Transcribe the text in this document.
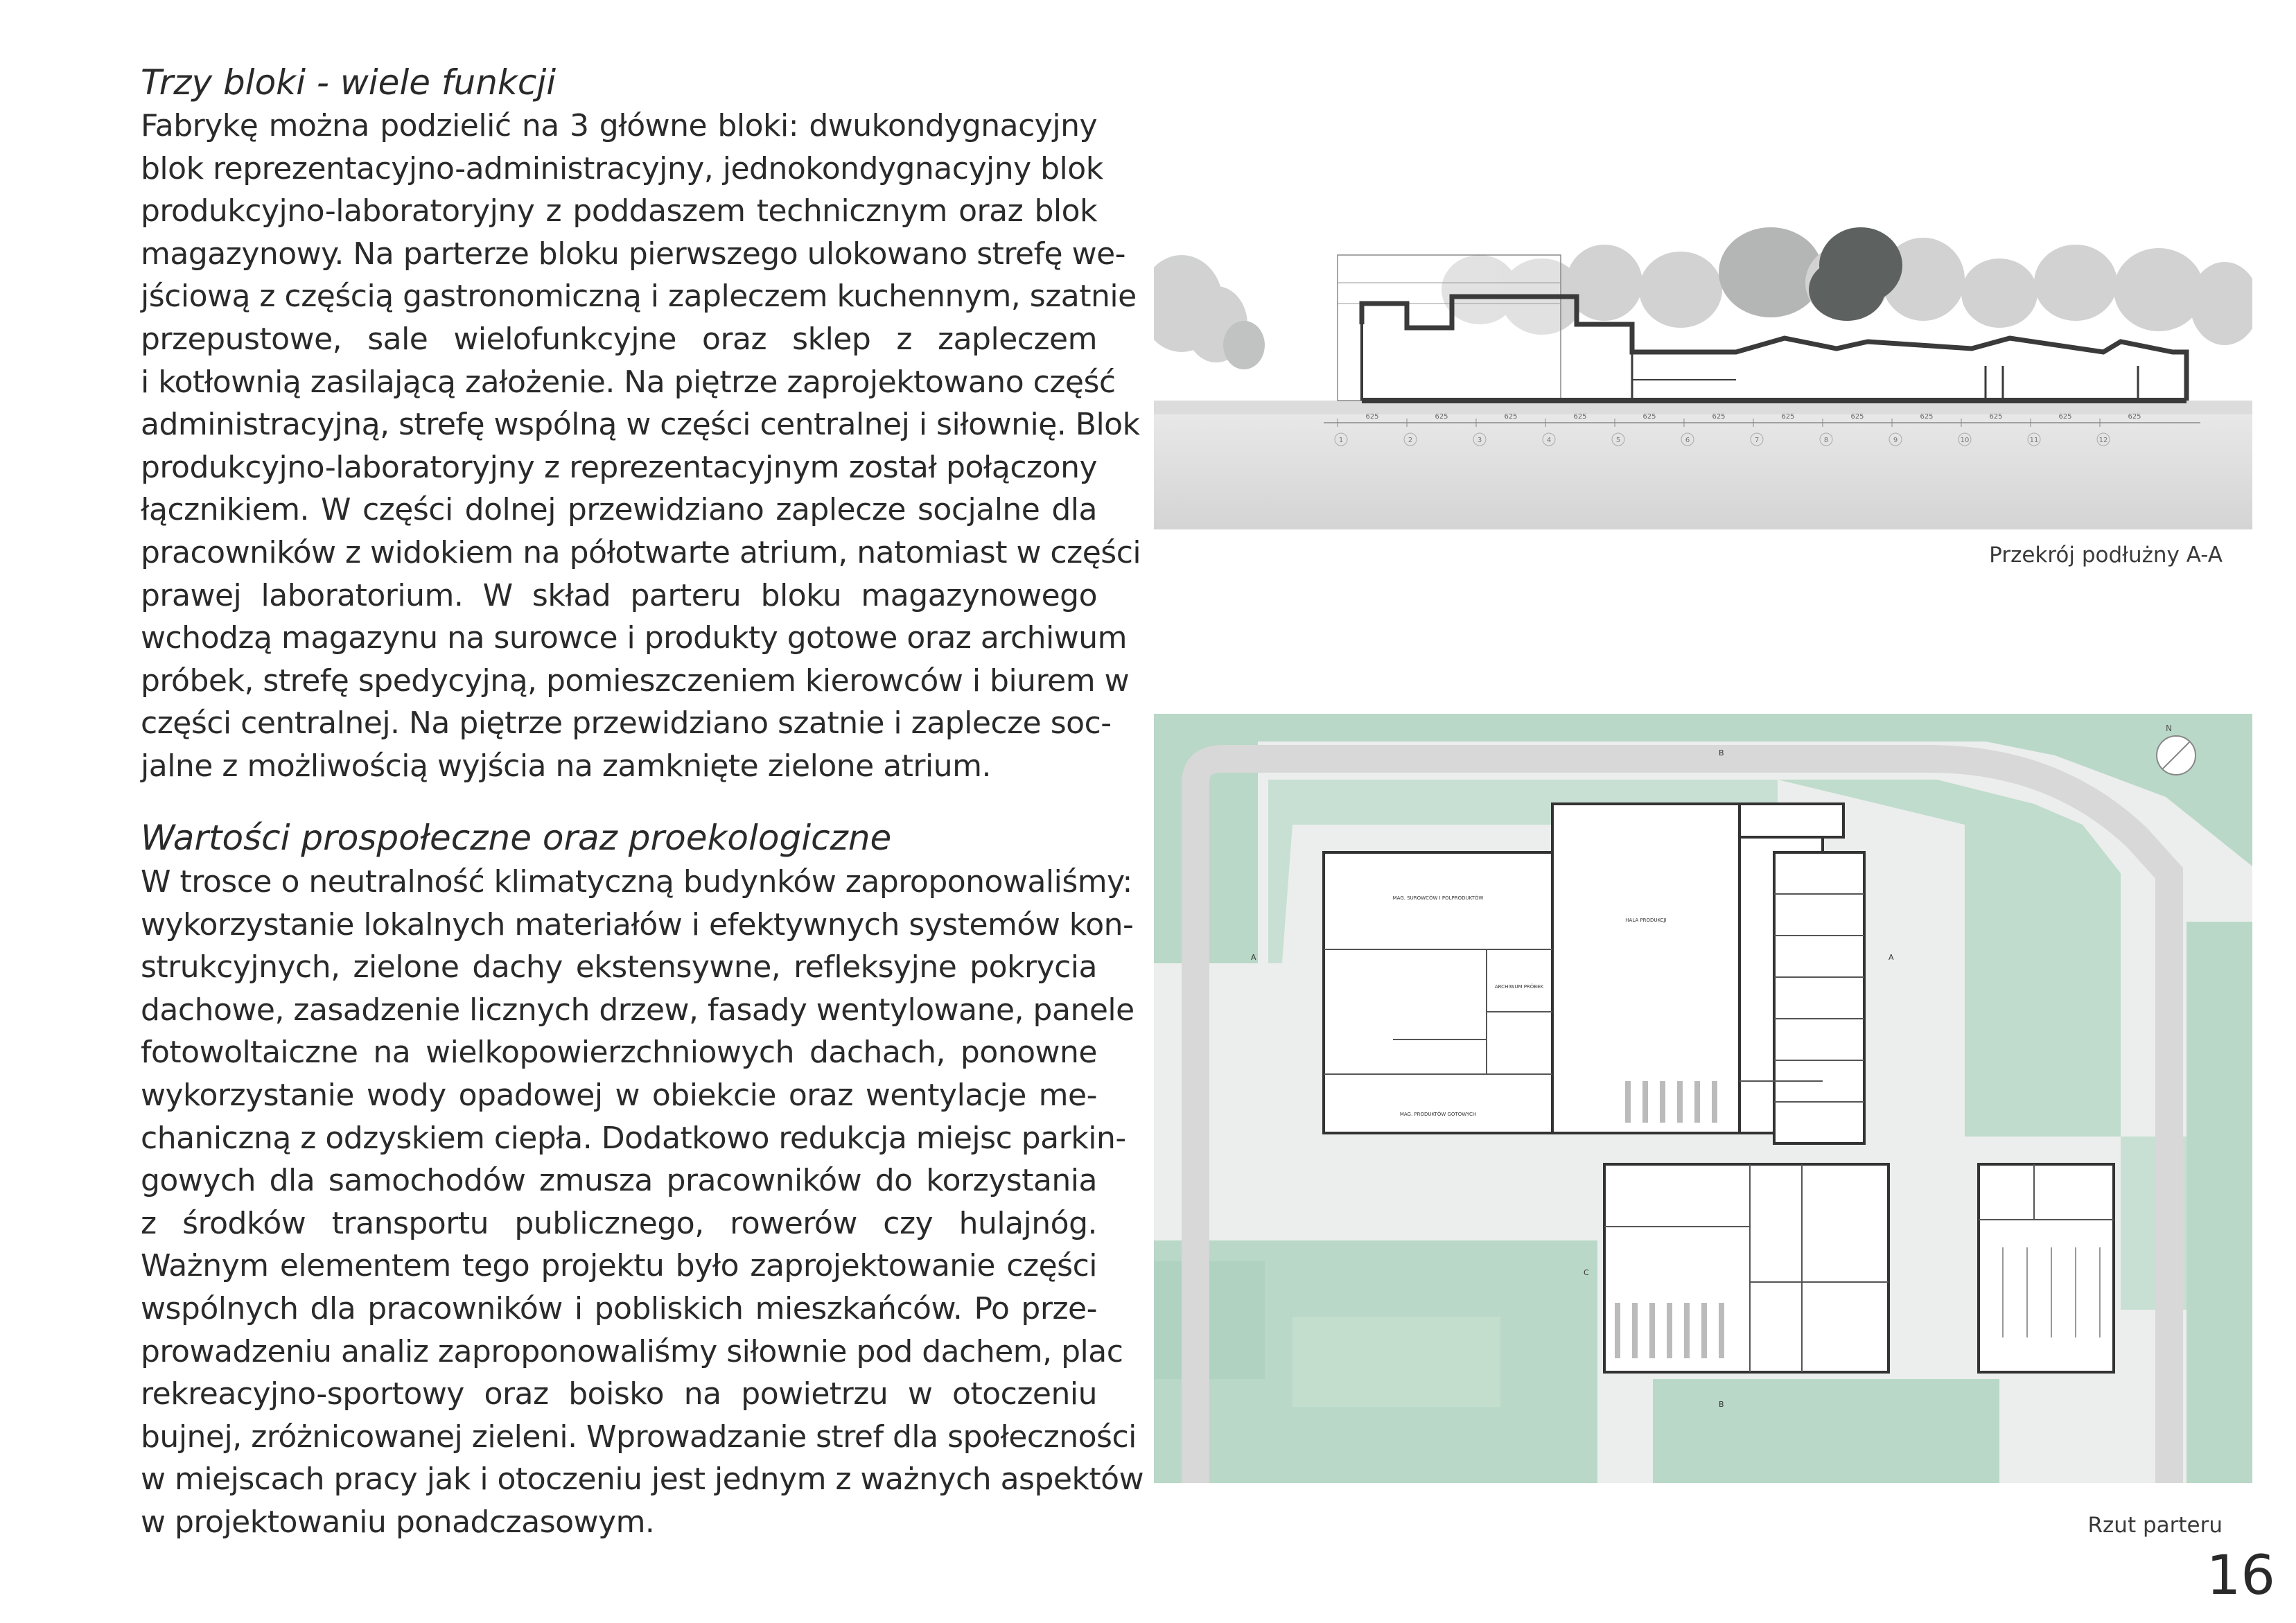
Trzy bloki - wiele funkcji
Fabrykę można podzielić na 3 główne bloki: dwukondygnacyjny
blok reprezentacyjno-administracyjny, jednokondygnacyjny blok
produkcyjno-laboratoryjny z poddaszem technicznym oraz blok
magazynowy. Na parterze bloku pierwszego ulokowano strefę we-
jściową z częścią gastronomiczną i zapleczem kuchennym, szatnie
przepustowe, sale wielofunkcyjne oraz sklep z zapleczem
i kotłownią zasilającą założenie. Na piętrze zaprojektowano część
administracyjną, strefę wspólną w części centralnej i siłownię. Blok
produkcyjno-laboratoryjny z reprezentacyjnym został połączony
łącznikiem. W części dolnej przewidziano zaplecze socjalne dla
pracowników z widokiem na półotwarte atrium, natomiast w części
prawej laboratorium. W skład parteru bloku magazynowego
wchodzą magazynu na surowce i produkty gotowe oraz archiwum
próbek, strefę spedycyjną, pomieszczeniem kierowców i biurem w
części centralnej. Na piętrze przewidziano szatnie i zaplecze soc-
jalne z możliwością wyjścia na zamknięte zielone atrium.
Wartości prospołeczne oraz proekologiczne
W trosce o neutralność klimatyczną budynków zaproponowaliśmy:
wykorzystanie lokalnych materiałów i efektywnych systemów kon-
strukcyjnych, zielone dachy ekstensywne, refleksyjne pokrycia
dachowe, zasadzenie licznych drzew, fasady wentylowane, panele
fotowoltaiczne na wielkopowierzchniowych dachach, ponowne
wykorzystanie wody opadowej w obiekcie oraz wentylacje me-
chaniczną z odzyskiem ciepła. Dodatkowo redukcja miejsc parkin-
gowych dla samochodów zmusza pracowników do korzystania
z środków transportu publicznego, rowerów czy hulajnóg.
Ważnym elementem tego projektu było zaprojektowanie części
wspólnych dla pracowników i pobliskich mieszkańców. Po prze-
prowadzeniu analiz zaproponowaliśmy siłownie pod dachem, plac
rekreacyjno-sportowy oraz boisko na powietrzu w otoczeniu
bujnej, zróżnicowanej zieleni. Wprowadzanie stref dla społeczności
w miejscach pracy jak i otoczeniu jest jednym z ważnych aspektów
w projektowaniu ponadczasowym.
625	625	625	625	625	625	625	625	625	625	625	625
1	2	3	4	5	6	7	8	9	10	11	12
Przekrój podłużny A-A
MAG. SUROWCÓW I POLPRODUKTÓW
HALA PRODUKCJI
ARCHIWUM PRÓBEK
MAG. PRODUKTÓW GOTOWYCH
A	A
B
B
C
N
Rzut parteru
16
